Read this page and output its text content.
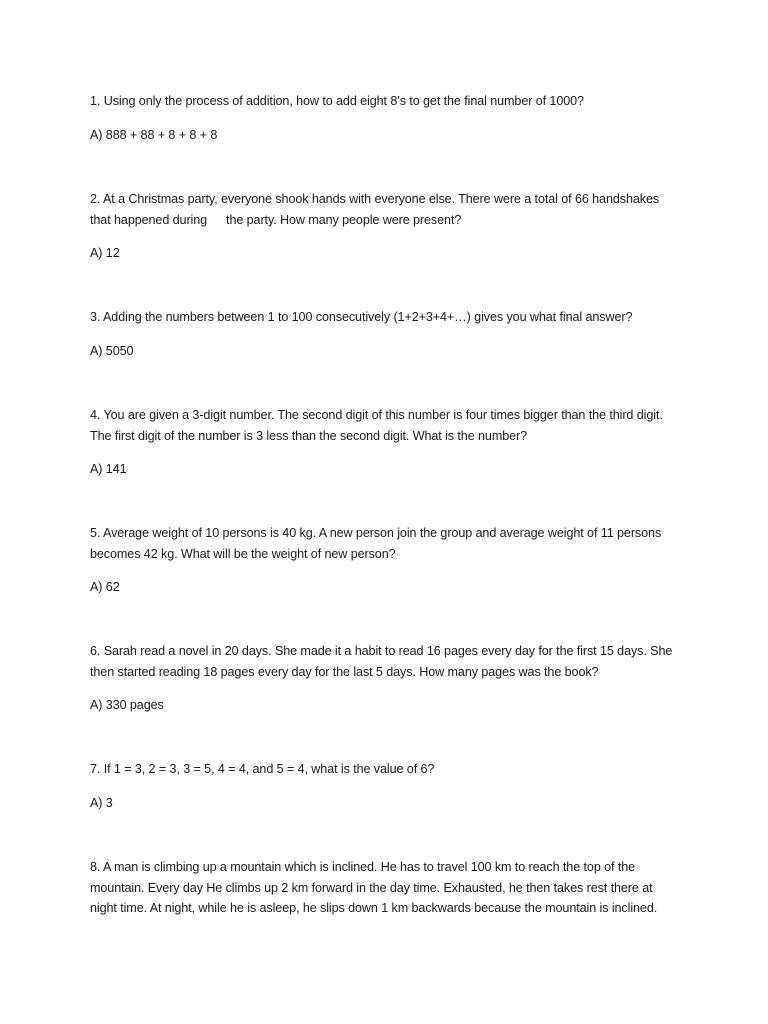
1. Using only the process of addition, how to add eight 8’s to get the final number of 1000?

A) 888 + 88 + 8 + 8 + 8

2. At a Christmas party, everyone shook hands with everyone else. There were a total of 66 handshakes that happened during the party. How many people were present?

A) 12

3. Adding the numbers between 1 to 100 consecutively (1+2+3+4+…) gives you what final answer?

A) 5050

4. You are given a 3-digit number. The second digit of this number is four times bigger than the third digit. The first digit of the number is 3 less than the second digit. What is the number?

A) 141

5. Average weight of 10 persons is 40 kg. A new person join the group and average weight of 11 persons becomes 42 kg. What will be the weight of new person?

A) 62

6. Sarah read a novel in 20 days. She made it a habit to read 16 pages every day for the first 15 days. She then started reading 18 pages every day for the last 5 days. How many pages was the book?

A) 330 pages

7. If 1 = 3, 2 = 3, 3 = 5, 4 = 4, and 5 = 4, what is the value of 6?

A) 3

8. A man is climbing up a mountain which is inclined. He has to travel 100 km to reach the top of the mountain. Every day He climbs up 2 km forward in the day time. Exhausted, he then takes rest there at night time. At night, while he is asleep, he slips down 1 km backwards because the mountain is inclined.
